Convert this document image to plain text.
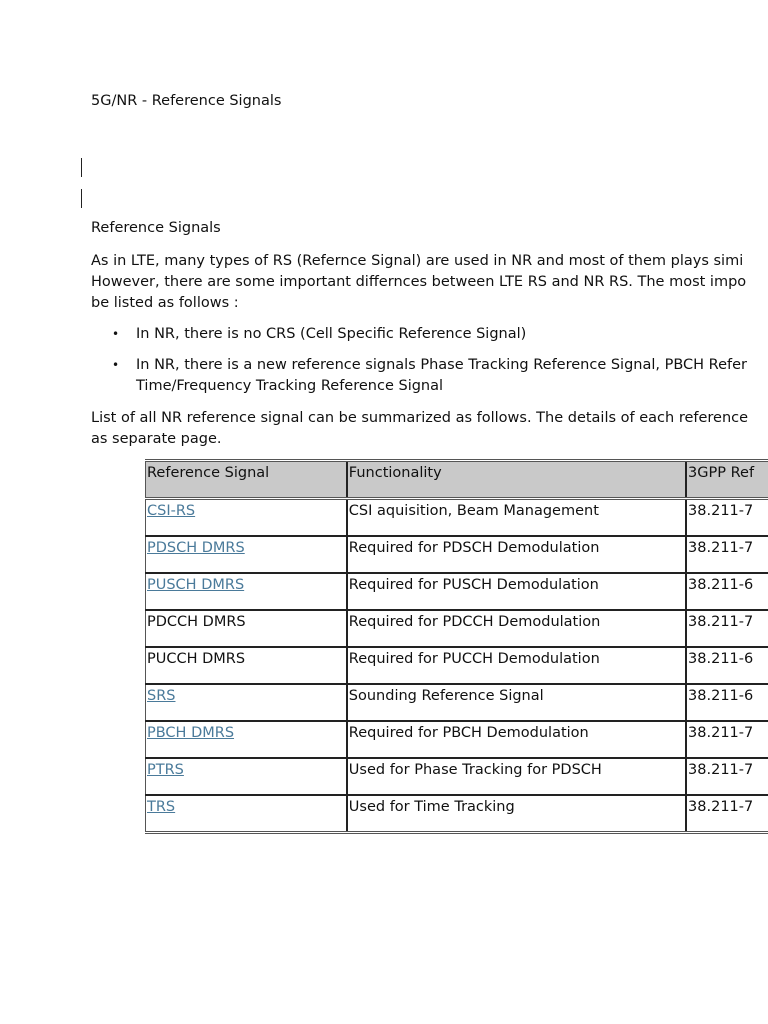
5G/NR - Reference Signals
Reference Signals
As in LTE, many types of RS (Refernce Signal) are used in NR and most of them plays simi
However, there are some important differnces between LTE RS and NR RS. The most impo
be listed as follows :
• In NR, there is no CRS (Cell Specific Reference Signal)
• In NR, there is a new reference signals Phase Tracking Reference Signal, PBCH Refer
Time/Frequency Tracking Reference Signal
List of all NR reference signal can be summarized as follows. The details of each reference
as separate page.
Reference Signal	Functionality	3GPP Ref
CSI-RS	CSI aquisition, Beam Management	38.211-7
PDSCH DMRS	Required for PDSCH Demodulation	38.211-7
PUSCH DMRS	Required for PUSCH Demodulation	38.211-6
PDCCH DMRS	Required for PDCCH Demodulation	38.211-7
PUCCH DMRS	Required for PUCCH Demodulation	38.211-6
SRS	Sounding Reference Signal	38.211-6
PBCH DMRS	Required for PBCH Demodulation	38.211-7
PTRS	Used for Phase Tracking for PDSCH	38.211-7
TRS	Used for Time Tracking	38.211-7
